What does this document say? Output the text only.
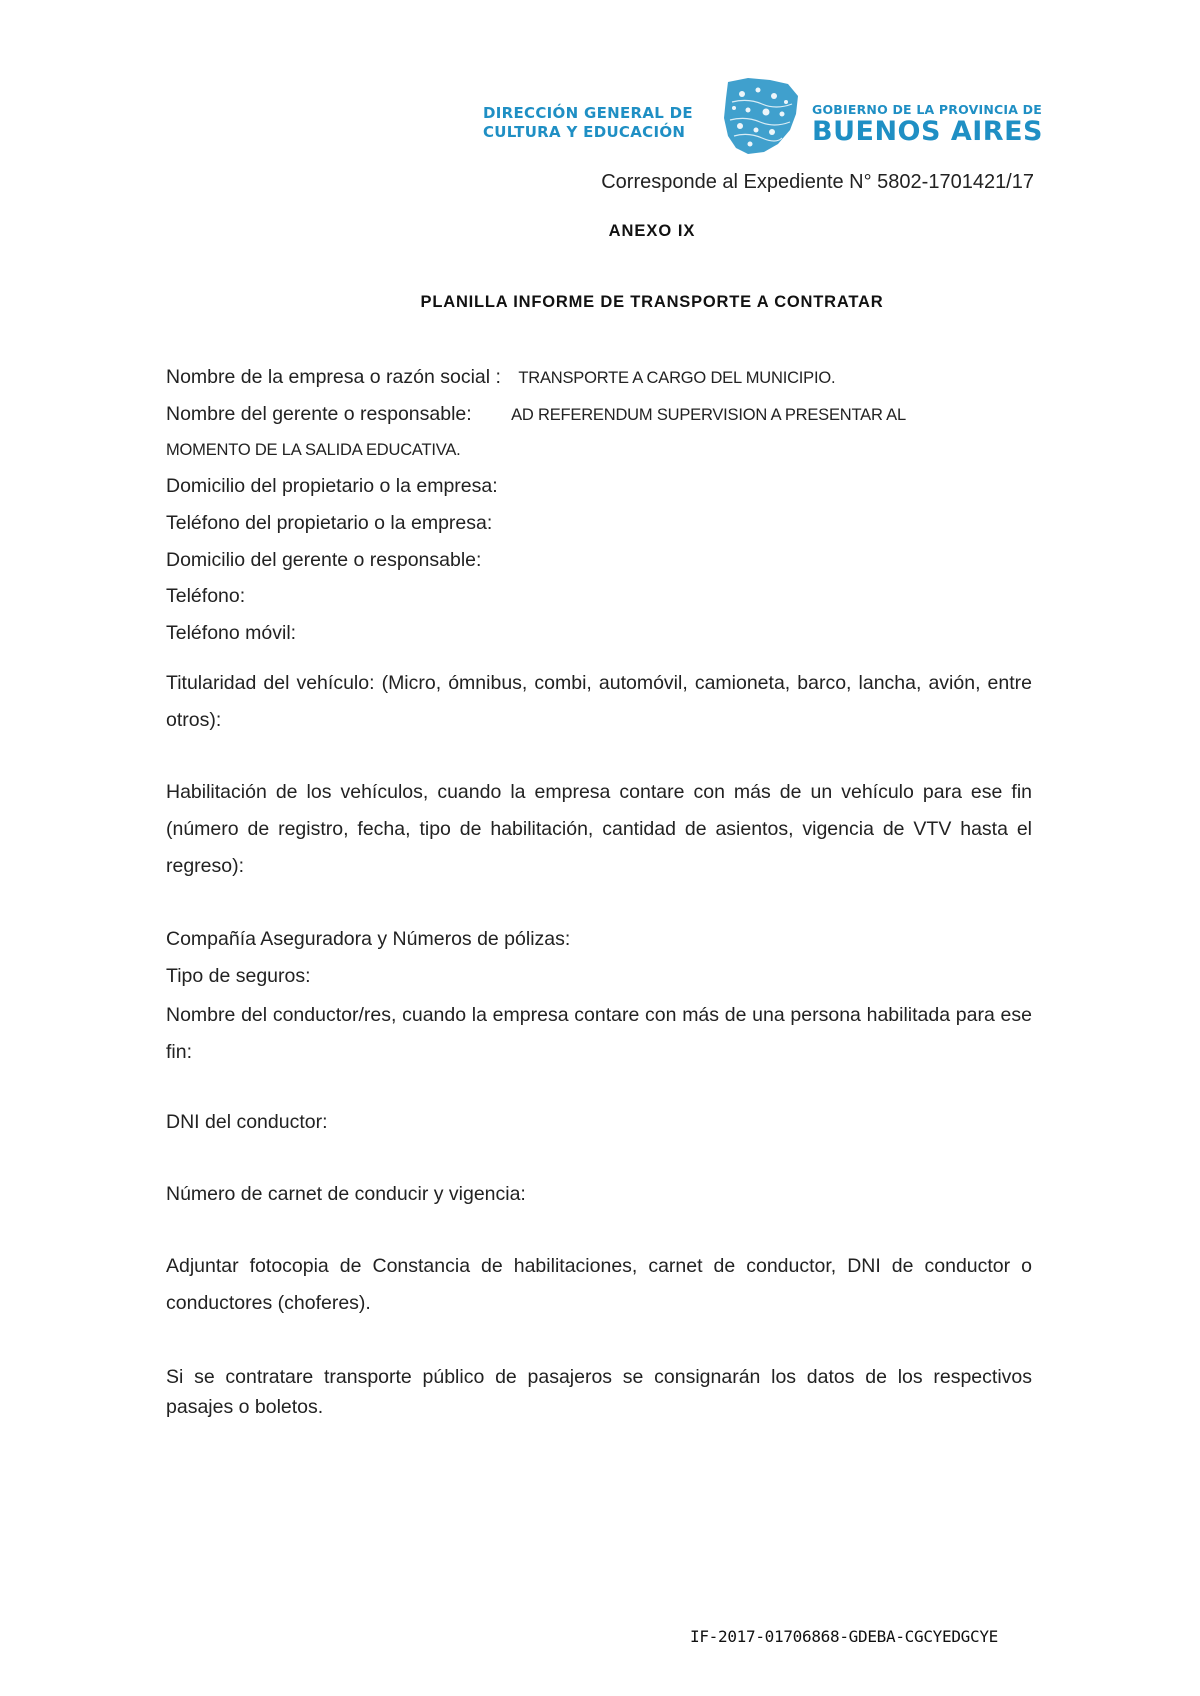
DIRECCIÓN GENERAL DE
CULTURA Y EDUCACIÓN
GOBIERNO DE LA PROVINCIA DE
BUENOS AIRES
Corresponde al Expediente N° 5802-1701421/17
ANEXO IX
PLANILLA INFORME DE TRANSPORTE A CONTRATAR
Nombre de la empresa o razón social : TRANSPORTE A CARGO DEL MUNICIPIO.
Nombre del gerente o responsable: AD REFERENDUM SUPERVISION A PRESENTAR AL
MOMENTO DE LA SALIDA EDUCATIVA.
Domicilio del propietario o la empresa:
Teléfono del propietario o la empresa:
Domicilio del gerente o responsable:
Teléfono:
Teléfono móvil:
Titularidad del vehículo: (Micro, ómnibus, combi, automóvil, camioneta, barco, lancha, avión, entre otros):
Habilitación de los vehículos, cuando la empresa contare con más de un vehículo para ese fin (número de registro, fecha, tipo de habilitación, cantidad de asientos, vigencia de VTV hasta el regreso):
Compañía Aseguradora y Números de pólizas:
Tipo de seguros:
Nombre del conductor/res, cuando la empresa contare con más de una persona habilitada para ese fin:
DNI del conductor:
Número de carnet de conducir y vigencia:
Adjuntar fotocopia de Constancia de habilitaciones, carnet de conductor, DNI de conductor o conductores (choferes).
Si se contratare transporte público de pasajeros se consignarán los datos de los respectivos pasajes o boletos.
IF-2017-01706868-GDEBA-CGCYEDGCYE
